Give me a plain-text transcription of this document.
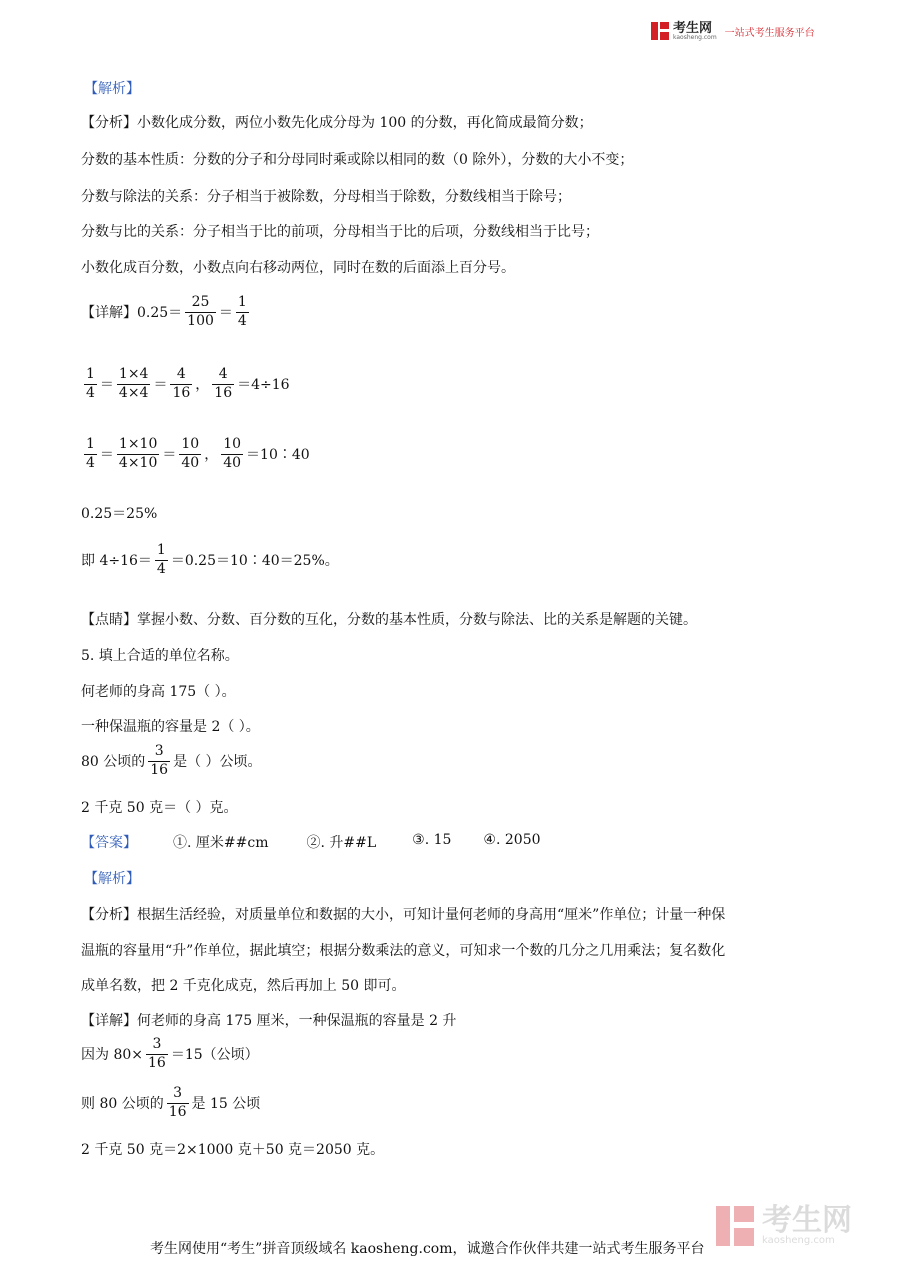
考生网
kaosheng.com 一站式考生服务平台
【解析】
【分析】小数化成分数，两位小数先化成分母为 100 的分数，再化简成最简分数；
分数的基本性质：分数的分子和分母同时乘或除以相同的数（0 除外），分数的大小不变；
分数与除法的关系：分子相当于被除数，分母相当于除数，分数线相当于除号；
分数与比的关系：分子相当于比的前项，分母相当于比的后项，分数线相当于比号；
小数化成百分数，小数点向右移动两位，同时在数的后面添上百分号。
【详解】 $0.25= \frac{25}{100} = \frac{1}{4}$
$\frac{1}{4} = \frac{1\times 4}{4\times 4} = \frac{4}{16}$ ， $\frac{4}{16} =4\div 16$
$\frac{1}{4} = \frac{1\times 10}{4\times 10} = \frac{10}{40}$ ， $\frac{10}{40}$ ＝10∶40
0.25＝25%
即 $4\div 16= \frac{1}{4}$ ＝0.25＝10∶40＝25%。
【点睛】掌握小数、分数、百分数的互化，分数的基本性质，分数与除法、比的关系是解题的关键。
5. 填上合适的单位名称。
何老师的身高 175（ ）。
一种保温瓶的容量是 2（ ）。
80 公顷的 $\frac{3}{16}$ 是（ ）公顷。
2 千克 50 克＝（ ）克。
【答案】	①. 厘米##cm	②. 升##L	③. 15 ④. 2050
【解析】
【分析】根据生活经验，对质量单位和数据的大小，可知计量何老师的身高用“厘米”作单位；计量一种保
温瓶的容量用“升”作单位，据此填空；根据分数乘法的意义，可知求一个数的几分之几用乘法；复名数化
成单名数，把 2 千克化成克，然后再加上 50 即可。
【详解】何老师的身高 175 厘米，一种保温瓶的容量是 2 升
因为 $80\times \frac{3}{16} =15$（公顷）
则 80 公顷的 $\frac{3}{16}$ 是 15 公顷
2 千克 50 克＝2×1000 克＋50 克＝2050 克。
考生网
kaosheng.com
考生网使用“考生”拼音顶级域名 kaosheng.com，诚邀合作伙伴共建一站式考生服务平台
